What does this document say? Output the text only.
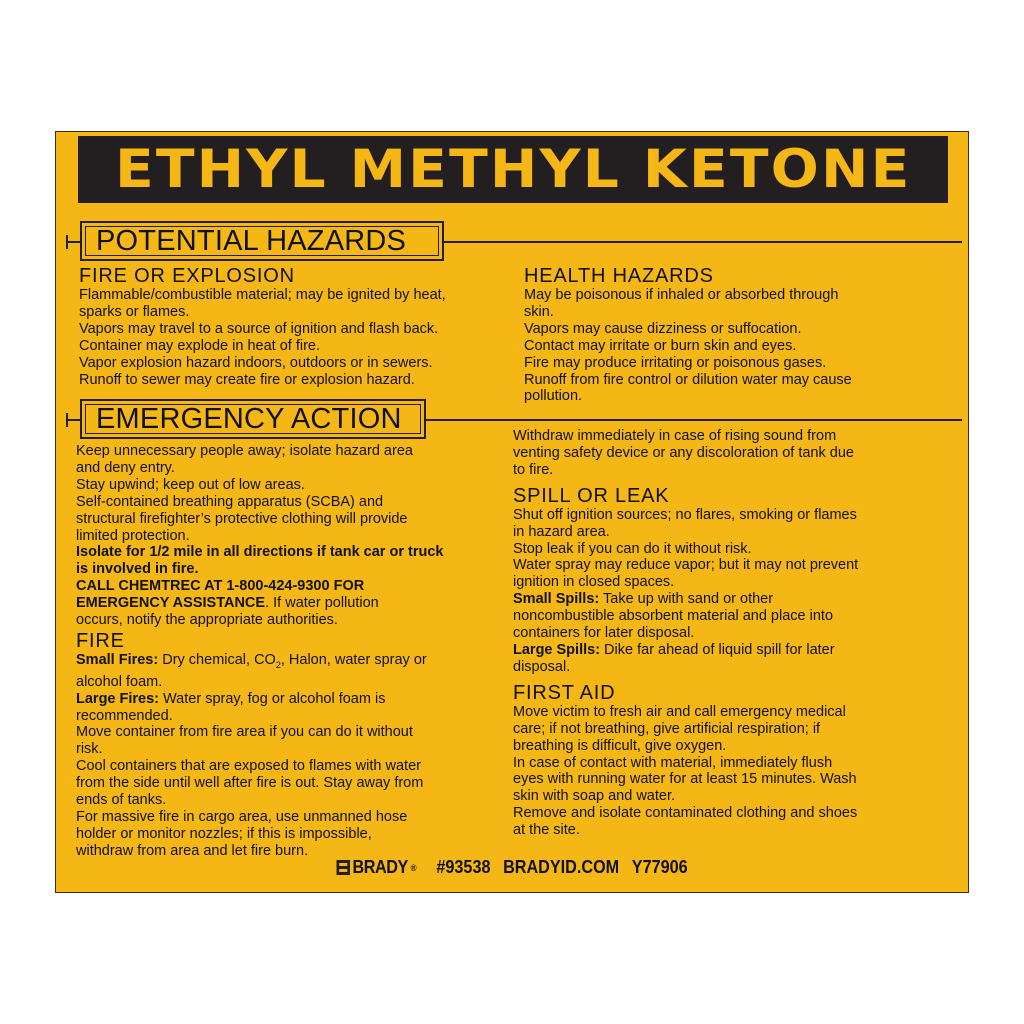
ETHYL METHYL KETONE
POTENTIAL HAZARDS
EMERGENCY ACTION

FIRE OR EXPLOSION

Flammable/combustible material; may be ignited by heat,

sparks or flames.

Vapors may travel to a source of ignition and flash back.

Container may explode in heat of fire.

Vapor explosion hazard indoors, outdoors or in sewers.

Runoff to sewer may create fire or explosion hazard.

HEALTH HAZARDS

May be poisonous if inhaled or absorbed through

skin.

Vapors may cause dizziness or suffocation.

Contact may irritate or burn skin and eyes.

Fire may produce irritating or poisonous gases.

Runoff from fire control or dilution water may cause

pollution.

Keep unnecessary people away; isolate hazard area

and deny entry.

Stay upwind; keep out of low areas.

Self-contained breathing apparatus (SCBA) and

structural firefighter’s protective clothing will provide

limited protection.

Isolate for 1/2 mile in all directions if tank car or truck

is involved in fire.

CALL CHEMTREC AT 1-800-424-9300 FOR

EMERGENCY ASSISTANCE. If water pollution

occurs, notify the appropriate authorities.

FIRE

Small Fires: Dry chemical, $CO_2$, Halon, water spray or

alcohol foam.

Large Fires: Water spray, fog or alcohol foam is

recommended.

Move container from fire area if you can do it without

risk.

Cool containers that are exposed to flames with water

from the side until well after fire is out. Stay away from

ends of tanks.

For massive fire in cargo area, use unmanned hose

holder or monitor nozzles; if this is impossible,

withdraw from area and let fire burn.

Withdraw immediately in case of rising sound from

venting safety device or any discoloration of tank due

to fire.

SPILL OR LEAK

Shut off ignition sources; no flares, smoking or flames

in hazard area.

Stop leak if you can do it without risk.

Water spray may reduce vapor; but it may not prevent

ignition in closed spaces.

Small Spills: Take up with sand or other

noncombustible absorbent material and place into

containers for later disposal.

Large Spills: Dike far ahead of liquid spill for later

disposal.

FIRST AID

Move victim to fresh air and call emergency medical

care; if not breathing, give artificial respiration; if

breathing is difficult, give oxygen.

In case of contact with material, immediately flush

eyes with running water for at least 15 minutes. Wash

skin with soap and water.

Remove and isolate contaminated clothing and shoes

at the site.

BRADY ® #93538 BRADYID.COM Y77906
